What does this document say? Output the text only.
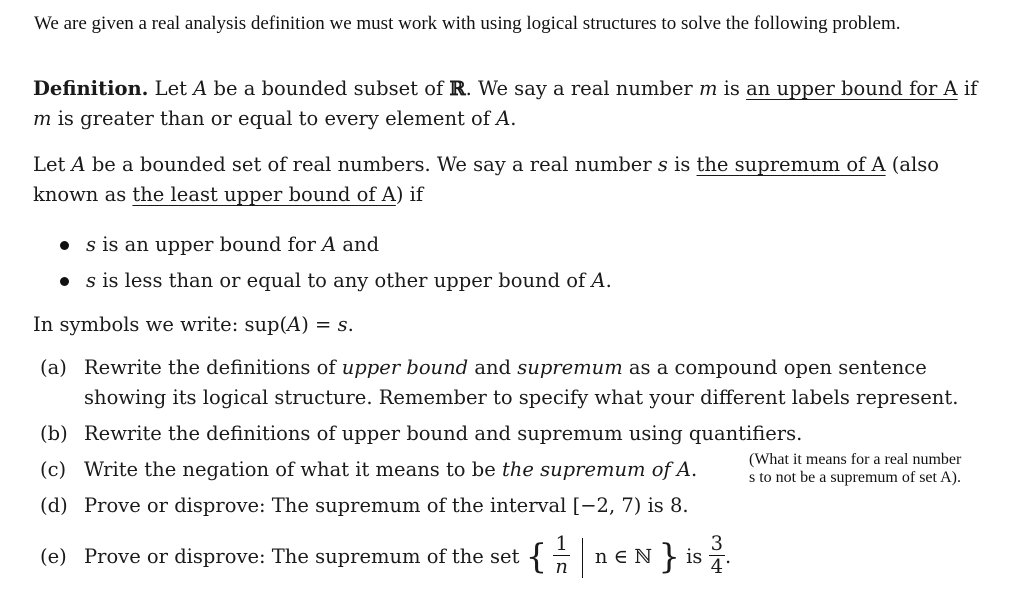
We are given a real analysis definition we must work with using logical structures to solve the following problem.
Definition. Let A be a bounded subset of ℝ. We say a real number m is an upper bound for A if m is greater than or equal to every element of A.
Let A be a bounded set of real numbers. We say a real number s is the supremum of A (also known as the least upper bound of A) if
s is an upper bound for A and
s is less than or equal to any other upper bound of A.
In symbols we write: sup(A) = s.
(a) Rewrite the definitions of upper bound and supremum as a compound open sentence
showing its logical structure. Remember to specify what your different labels represent.
(b) Rewrite the definitions of upper bound and supremum using quantifiers.
(c) Write the negation of what it means to be the supremum of A.
(d) Prove or disprove: The supremum of the interval [−2, 7) is 8.
(e) Prove or disprove: The supremum of the set { $\frac{1}{n}$ n ∈ ℕ } is $\frac{3}{4}$ .
(What it means for a real number
s to not be a supremum of set A).
